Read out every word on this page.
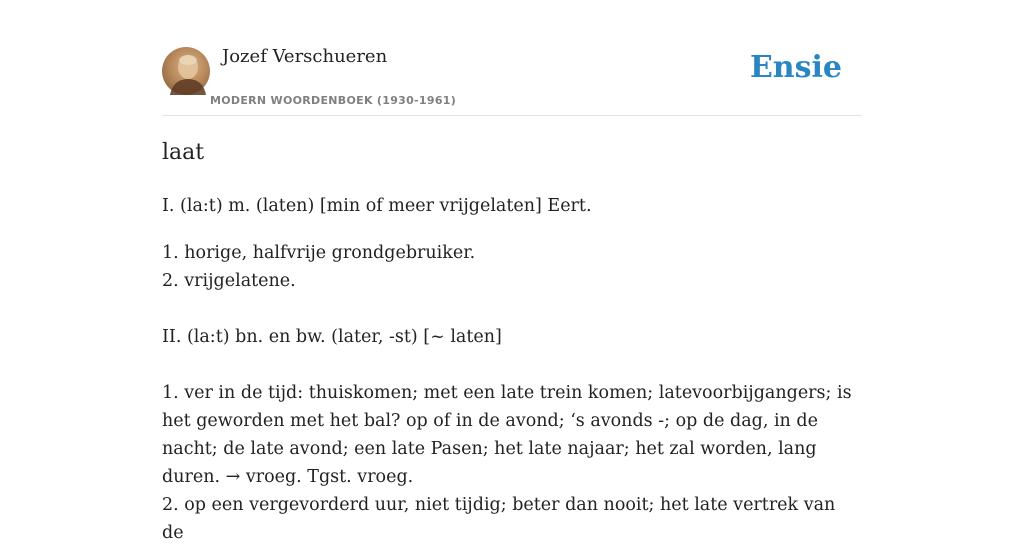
Jozef Verschueren
MODERN WOORDENBOEK (1930-1961)
Ensie
laat

I. (la:t) m. (laten) [min of meer vrijgelaten] Eert.

1. horige, halfvrije grondgebruiker.

2. vrijgelatene.

II. (la:t) bn. en bw. (later, -st) [~ laten]

1. ver in de tijd: thuiskomen; met een late trein komen; latevoorbijgangers; is het geworden met het bal? op of in de avond; ‘s avonds -; op de dag, in de nacht; de late avond; een late Pasen; het late najaar; het zal worden, lang duren. → vroeg. Tgst. vroeg.

2. op een vergevorderd uur, niet tijdig; beter dan nooit; het late vertrek van de
